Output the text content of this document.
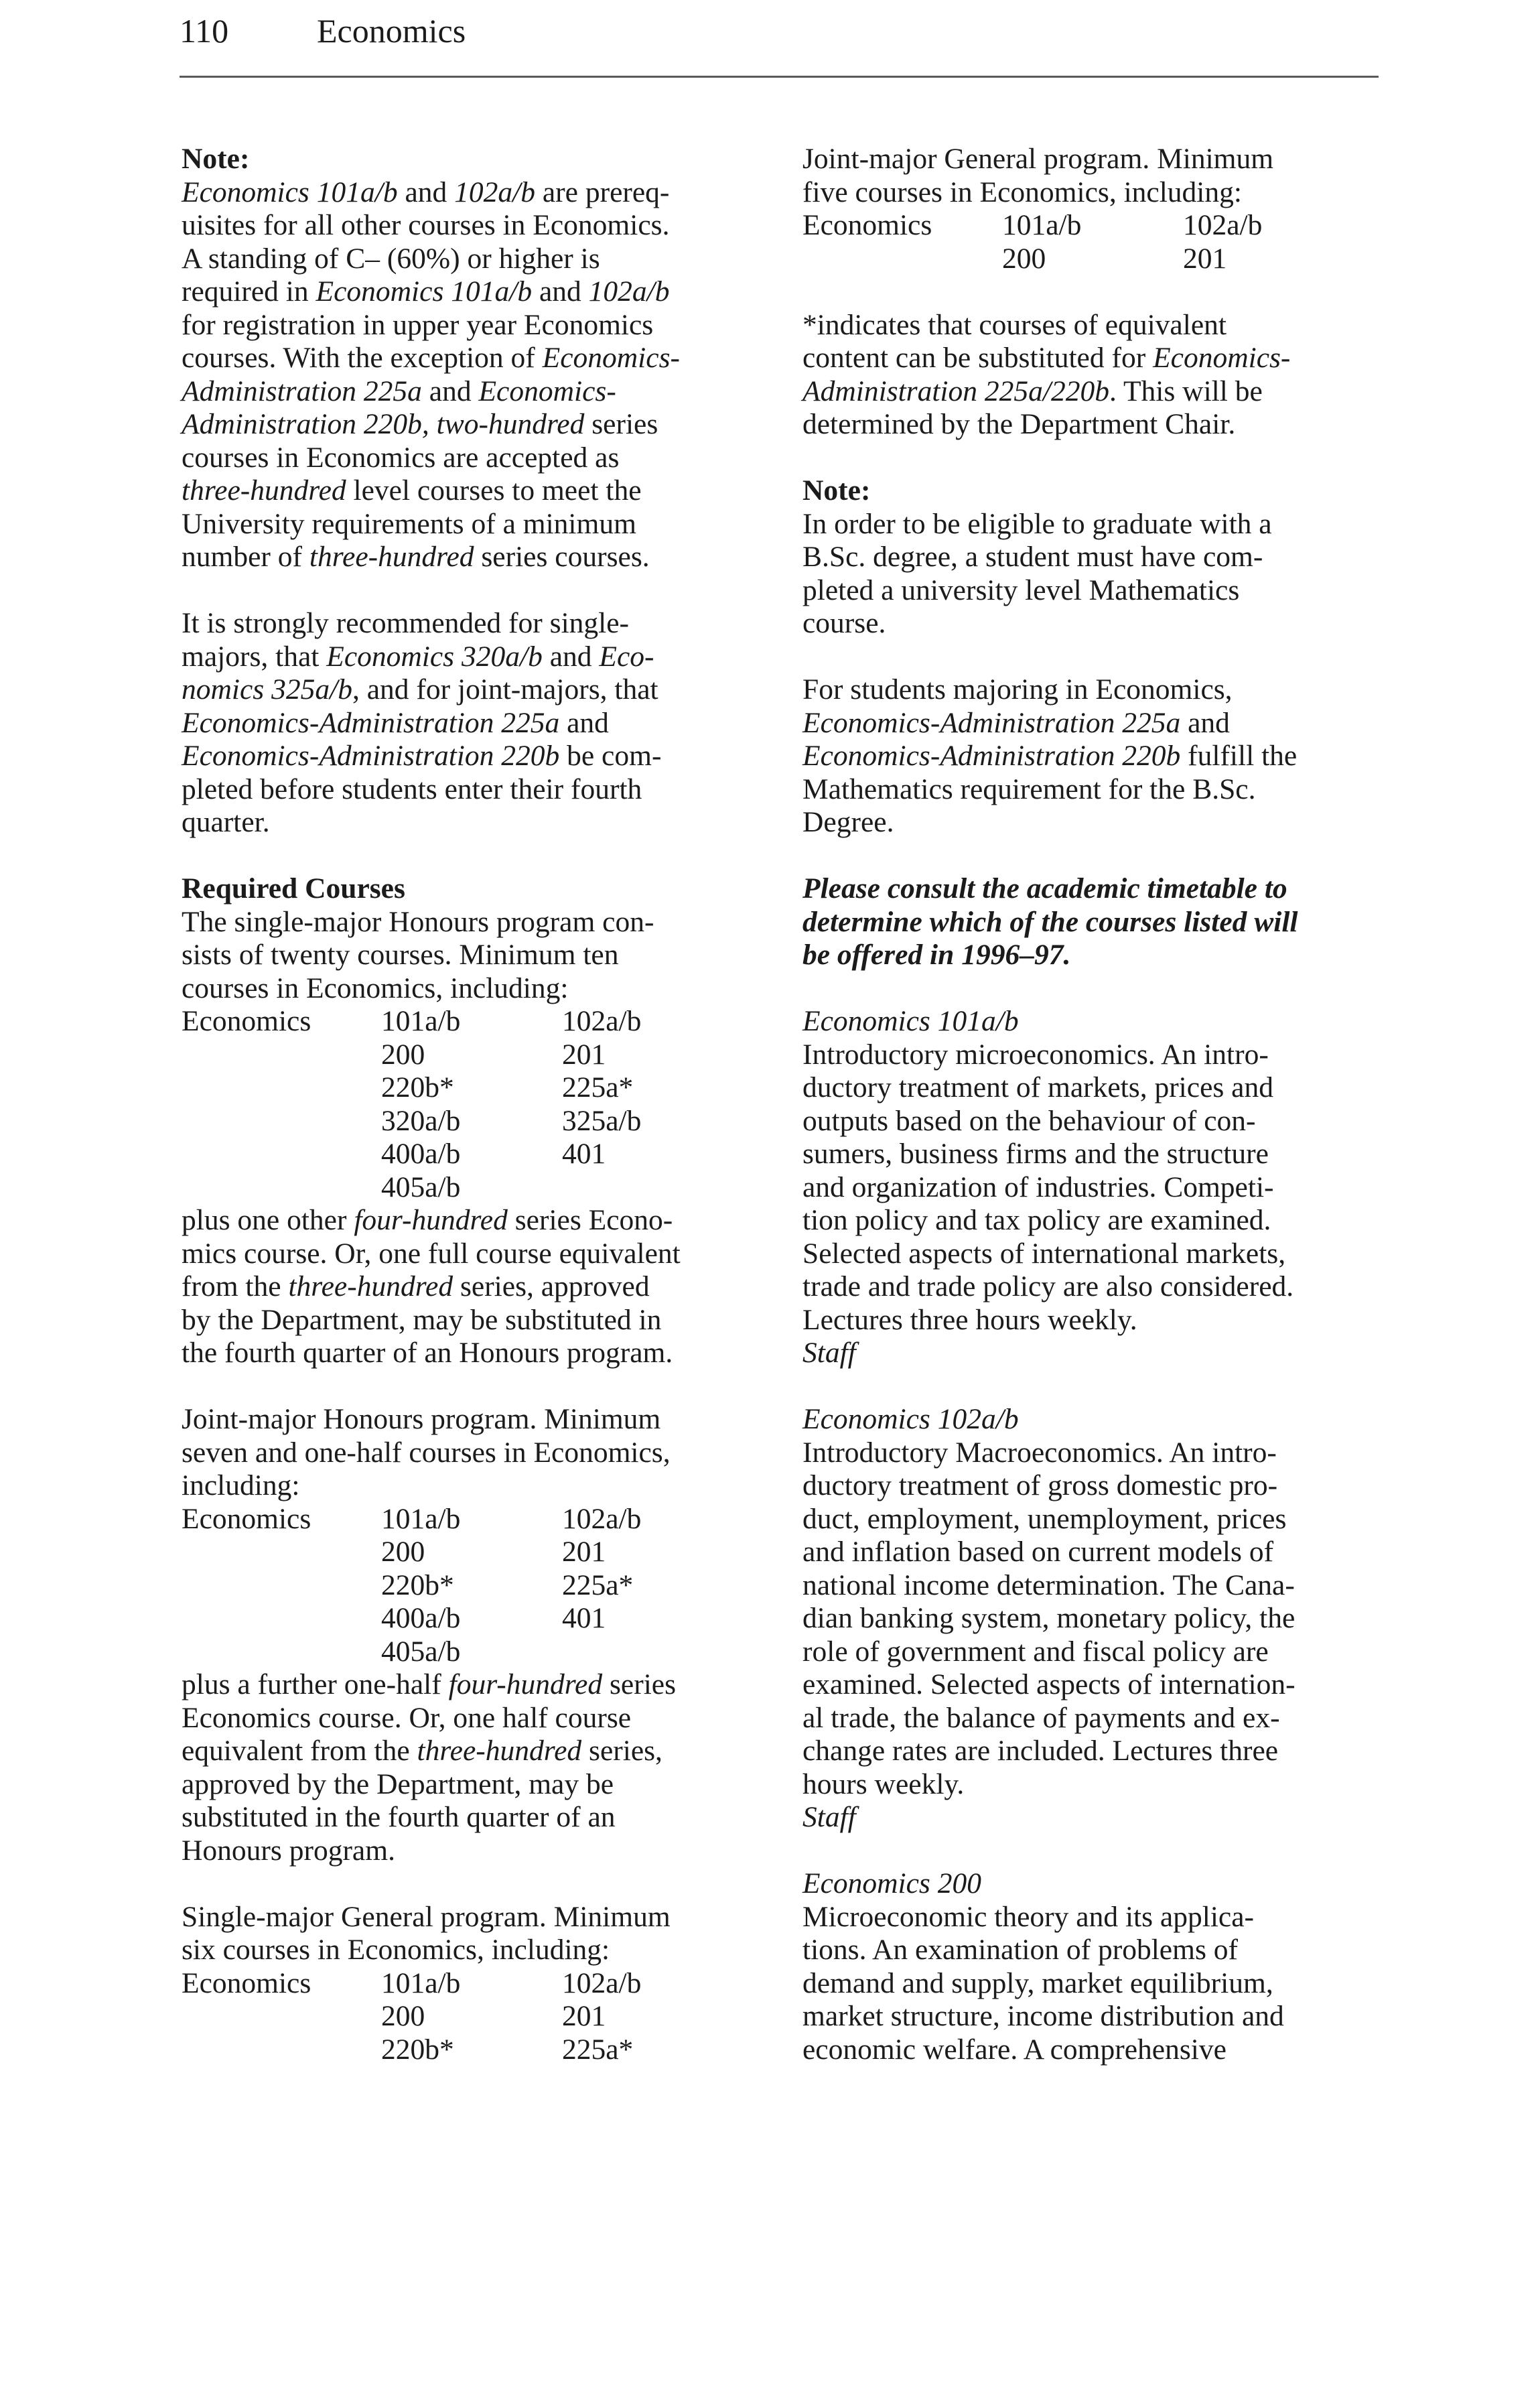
110	Economics

Note:

Economics 101a/b and 102a/b are prereq-

uisites for all other courses in Economics.

A standing of C– (60%) or higher is

required in Economics 101a/b and 102a/b

for registration in upper year Economics

courses. With the exception of Economics-

Administration 225a and Economics-

Administration 220b, two-hundred series

courses in Economics are accepted as

three-hundred level courses to meet the

University requirements of a minimum

number of three-hundred series courses.

It is strongly recommended for single-

majors, that Economics 320a/b and Eco-

nomics 325a/b, and for joint-majors, that

Economics-Administration 225a and

Economics-Administration 220b be com-

pleted before students enter their fourth

quarter.

Required Courses

The single-major Honours program con-

sists of twenty courses. Minimum ten

courses in Economics, including:

Economics	101a/b	102a/b
200	201
220b*	225a*
320a/b	325a/b
400a/b	401
405a/b

plus one other four-hundred series Econo-

mics course. Or, one full course equivalent

from the three-hundred series, approved

by the Department, may be substituted in

the fourth quarter of an Honours program.

Joint-major Honours program. Minimum

seven and one-half courses in Economics,

including:

Economics	101a/b	102a/b
200	201
220b*	225a*
400a/b	401
405a/b

plus a further one-half four-hundred series

Economics course. Or, one half course

equivalent from the three-hundred series,

approved by the Department, may be

substituted in the fourth quarter of an

Honours program.

Single-major General program. Minimum

six courses in Economics, including:

Economics	101a/b	102a/b
200	201
220b*	225a*

Joint-major General program. Minimum

five courses in Economics, including:

Economics	101a/b	102a/b
200	201

*indicates that courses of equivalent

content can be substituted for Economics-

Administration 225a/220b. This will be

determined by the Department Chair.

Note:

In order to be eligible to graduate with a

B.Sc. degree, a student must have com-

pleted a university level Mathematics

course.

For students majoring in Economics,

Economics-Administration 225a and

Economics-Administration 220b fulfill the

Mathematics requirement for the B.Sc.

Degree.

Please consult the academic timetable to

determine which of the courses listed will

be offered in 1996–97.

Economics 101a/b

Introductory microeconomics. An intro-

ductory treatment of markets, prices and

outputs based on the behaviour of con-

sumers, business firms and the structure

and organization of industries. Competi-

tion policy and tax policy are examined.

Selected aspects of international markets,

trade and trade policy are also considered.

Lectures three hours weekly.

Staff

Economics 102a/b

Introductory Macroeconomics. An intro-

ductory treatment of gross domestic pro-

duct, employment, unemployment, prices

and inflation based on current models of

national income determination. The Cana-

dian banking system, monetary policy, the

role of government and fiscal policy are

examined. Selected aspects of internation-

al trade, the balance of payments and ex-

change rates are included. Lectures three

hours weekly.

Staff

Economics 200

Microeconomic theory and its applica-

tions. An examination of problems of

demand and supply, market equilibrium,

market structure, income distribution and

economic welfare. A comprehensive
